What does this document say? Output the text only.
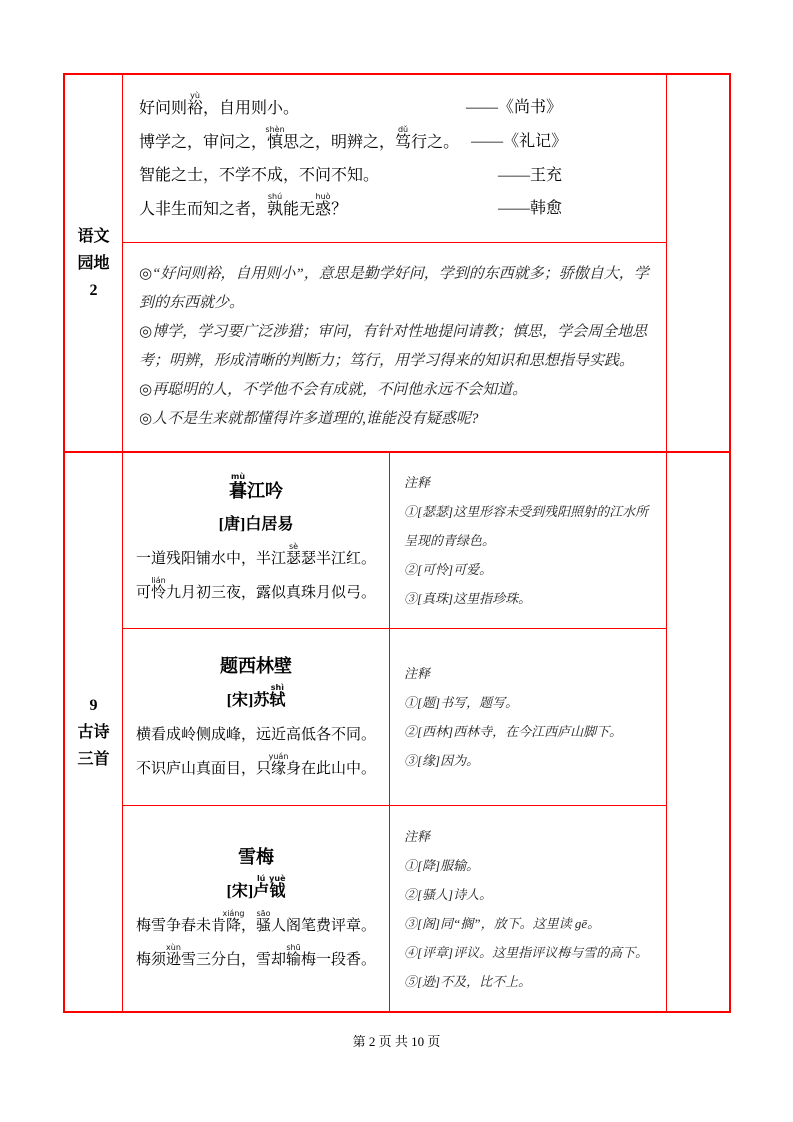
语文
园地
2
好问则裕yù，自用则小。	——《尚书》
博学之，审问之，慎shèn思之，明辨之，笃dǔ行之。 ——《礼记》
智能之士，不学不成，不问不知。	——王充
人非生而知之者，孰shú能无惑huò？	——韩愈

◎“好问则裕，自用则小”，意思是勤学好问，学到的东西就多；骄傲自大，学到的东西就少。

◎博学，学习要广泛涉猎；审问，有针对性地提问请教；慎思，学会周全地思考；明辨，形成清晰的判断力；笃行，用学习得来的知识和思想指导实践。

◎再聪明的人，不学他不会有成就，不问他永远不会知道。

◎人不是生来就都懂得许多道理的,谁能没有疑惑呢?

9
古诗
三首
暮mù江吟
[唐]白居易
一道残阳铺水中，半江瑟sè瑟半江红。
可怜lián九月初三夜，露似真珠月似弓。
注释
①[瑟瑟]这里形容未受到残阳照射的江水所呈现的青绿色。
②[可怜]可爱。
③[真珠]这里指珍珠。
题西林壁
[宋]苏轼shì
横看成岭侧成峰，远近高低各不同。
不识庐山真面目，只缘yuán身在此山中。
注释
①[题]书写，题写。
②[西林]西林寺，在今江西庐山脚下。
③[缘]因为。
雪梅
[宋]卢lú钺yuè
梅雪争春未肯降xiáng，骚sāo人阁笔费评章。
梅须逊xùn雪三分白，雪却输shū梅一段香。
注释
①[降]服输。
②[骚人]诗人。
③[阁]同“搁”，放下。这里读 gē。
④[评章]评议。这里指评议梅与雪的高下。
⑤[逊]不及，比不上。
第 2 页 共 10 页
